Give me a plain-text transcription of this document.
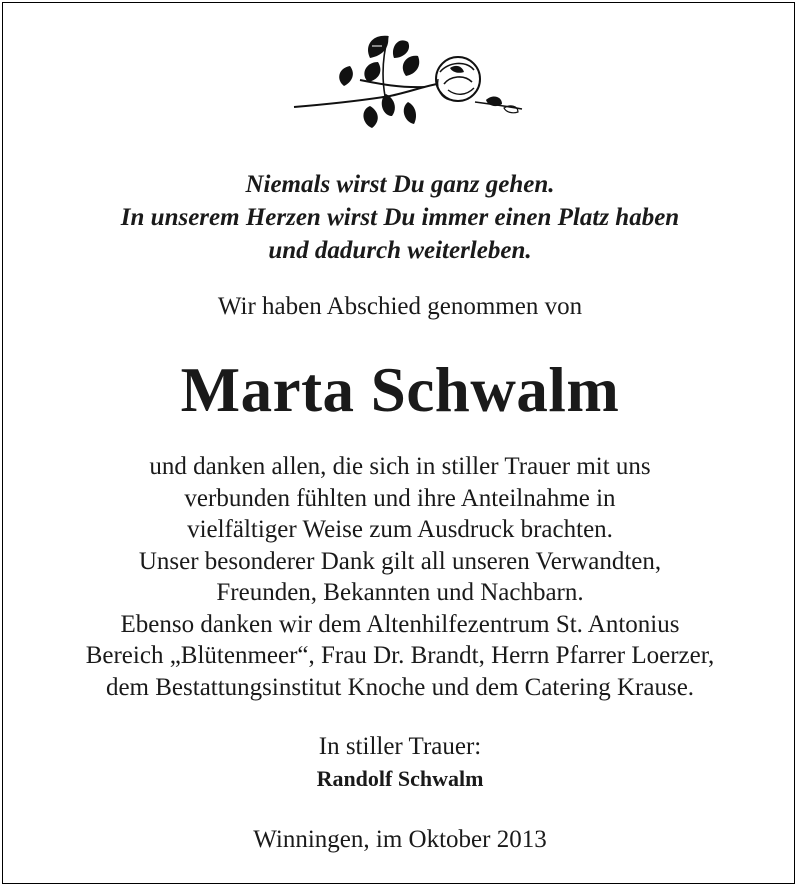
Niemals wirst Du ganz gehen.
In unserem Herzen wirst Du immer einen Platz haben
und dadurch weiterleben.
Wir haben Abschied genommen von
Marta Schwalm
und danken allen, die sich in stiller Trauer mit uns
verbunden fühlten und ihre Anteilnahme in
vielfältiger Weise zum Ausdruck brachten.
Unser besonderer Dank gilt all unseren Verwandten,
Freunden, Bekannten und Nachbarn.
Ebenso danken wir dem Altenhilfezentrum St. Antonius
Bereich „Blütenmeer“, Frau Dr. Brandt, Herrn Pfarrer Loerzer,
dem Bestattungsinstitut Knoche und dem Catering Krause.
In stiller Trauer:
Randolf Schwalm
Winningen, im Oktober 2013
